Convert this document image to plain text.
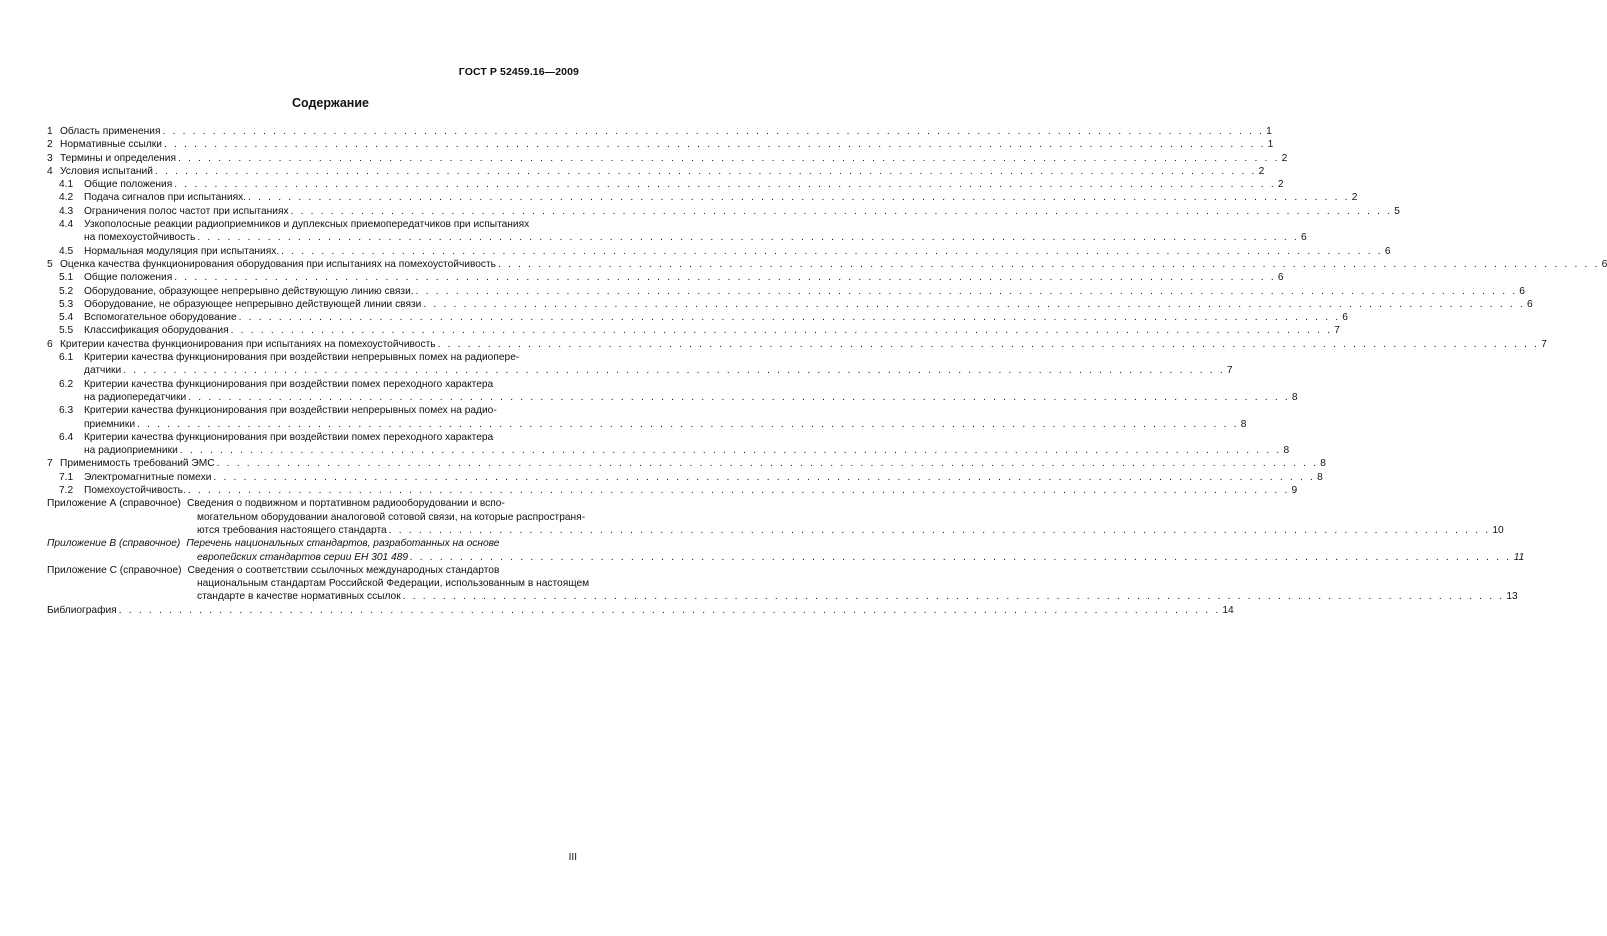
ГОСТ Р 52459.16—2009
Содержание
1 Область применения . . .	1
2 Нормативные ссылки . . .	1
3 Термины и определения . . .	2
4 Условия испытаний . . .	2
4.1	Общие положения . . .	2
4.2	Подача сигналов при испытаниях. . . .	2
4.3	Ограничения полос частот при испытаниях . . .	5
4.4	Узкополосные реакции радиоприемников и дуплексных приемопередатчиков при испытаниях
на помехоустойчивость . . .	6
4.5	Нормальная модуляция при испытаниях. . . .	6
5 Оценка качества функционирования оборудования при испытаниях на помехоустойчивость . . .	6
5.1	Общие положения . . .	6
5.2	Оборудование, образующее непрерывно действующую линию связи. . . .	6
5.3	Оборудование, не образующее непрерывно действующей линии связи . . .	6
5.4	Вспомогательное оборудование . . .	6
5.5	Классификация оборудования . . .	7
6 Критерии качества функционирования при испытаниях на помехоустойчивость . . .	7
6.1	Критерии качества функционирования при воздействии непрерывных помех на радиопере-
датчики . . .	7
6.2	Критерии качества функционирования при воздействии помех переходного характера
на радиопередатчики . . .	8
6.3	Критерии качества функционирования при воздействии непрерывных помех на радио-
приемники . . .	8
6.4	Критерии качества функционирования при воздействии помех переходного характера
на радиоприемники . . .	8
7 Применимость требований ЭМС . . .	8
7.1	Электромагнитные помехи . . .	8
7.2	Помехоустойчивость. . . .	9
Приложение А (справочное) Сведения о подвижном и портативном радиооборудовании и вспо-
могательном оборудовании аналоговой сотовой связи, на которые распространя-
ются требования настоящего стандарта . . .	10
Приложение В (справочное) Перечень национальных стандартов, разработанных на основе
европейских стандартов серии ЕН 301 489 . . .	11
Приложение С (справочное) Сведения о соответствии ссылочных международных стандартов
национальным стандартам Российской Федерации, использованным в настоящем
стандарте в качестве нормативных ссылок . . .	13
Библиография . . .	14
III
